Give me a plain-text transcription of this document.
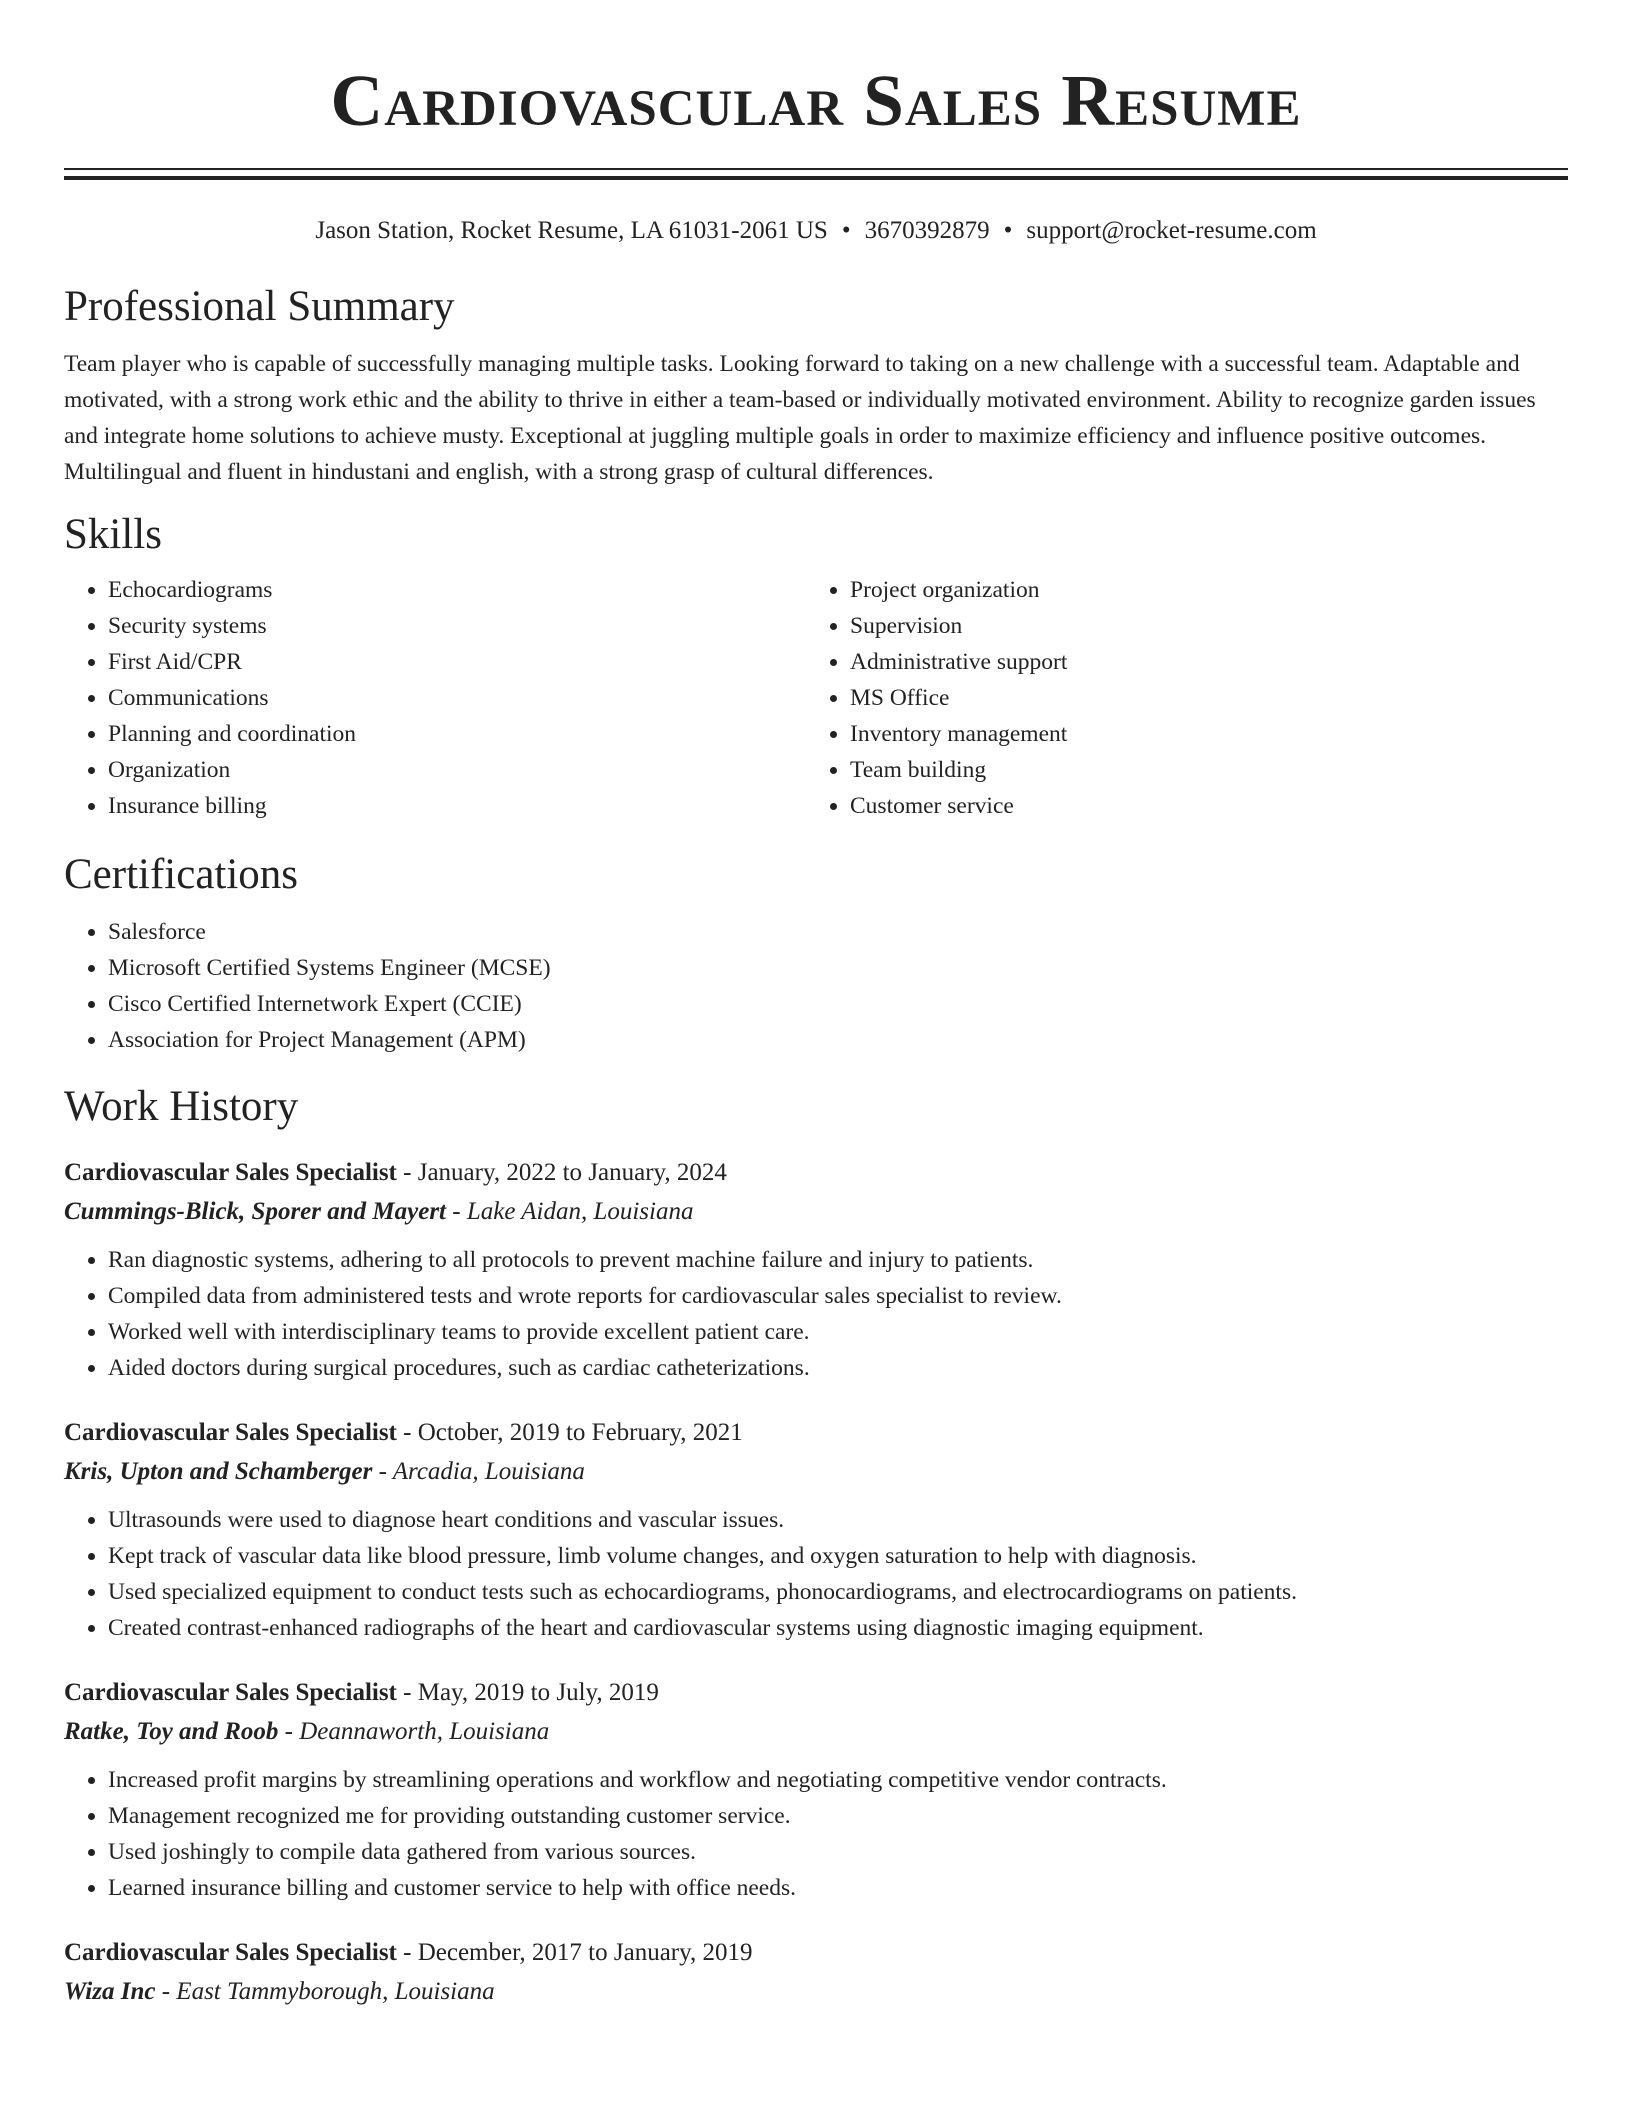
Cardiovascular Sales Resume
Jason Station, Rocket Resume, LA 61031-2061 US • 3670392879 • support@rocket-resume.com
Professional Summary

Team player who is capable of successfully managing multiple tasks. Looking forward to taking on a new challenge with a successful team. Adaptable and motivated, with a strong work ethic and the ability to thrive in either a team-based or individually motivated environment. Ability to recognize garden issues and integrate home solutions to achieve musty. Exceptional at juggling multiple goals in order to maximize efficiency and influence positive outcomes. Multilingual and fluent in hindustani and english, with a strong grasp of cultural differences.

Skills
• Echocardiograms
• Security systems
• First Aid/CPR
• Communications
• Planning and coordination
• Organization
• Insurance billing
• Project organization
• Supervision
• Administrative support
• MS Office
• Inventory management
• Team building
• Customer service
Certifications
• Salesforce
• Microsoft Certified Systems Engineer (MCSE)
• Cisco Certified Internetwork Expert (CCIE)
• Association for Project Management (APM)
Work History
Cardiovascular Sales Specialist - January, 2022 to January, 2024
Cummings-Blick, Sporer and Mayert - Lake Aidan, Louisiana
• Ran diagnostic systems, adhering to all protocols to prevent machine failure and injury to patients.
• Compiled data from administered tests and wrote reports for cardiovascular sales specialist to review.
• Worked well with interdisciplinary teams to provide excellent patient care.
• Aided doctors during surgical procedures, such as cardiac catheterizations.
Cardiovascular Sales Specialist - October, 2019 to February, 2021
Kris, Upton and Schamberger - Arcadia, Louisiana
• Ultrasounds were used to diagnose heart conditions and vascular issues.
• Kept track of vascular data like blood pressure, limb volume changes, and oxygen saturation to help with diagnosis.
• Used specialized equipment to conduct tests such as echocardiograms, phonocardiograms, and electrocardiograms on patients.
• Created contrast-enhanced radiographs of the heart and cardiovascular systems using diagnostic imaging equipment.
Cardiovascular Sales Specialist - May, 2019 to July, 2019
Ratke, Toy and Roob - Deannaworth, Louisiana
• Increased profit margins by streamlining operations and workflow and negotiating competitive vendor contracts.
• Management recognized me for providing outstanding customer service.
• Used joshingly to compile data gathered from various sources.
• Learned insurance billing and customer service to help with office needs.
Cardiovascular Sales Specialist - December, 2017 to January, 2019
Wiza Inc - East Tammyborough, Louisiana
